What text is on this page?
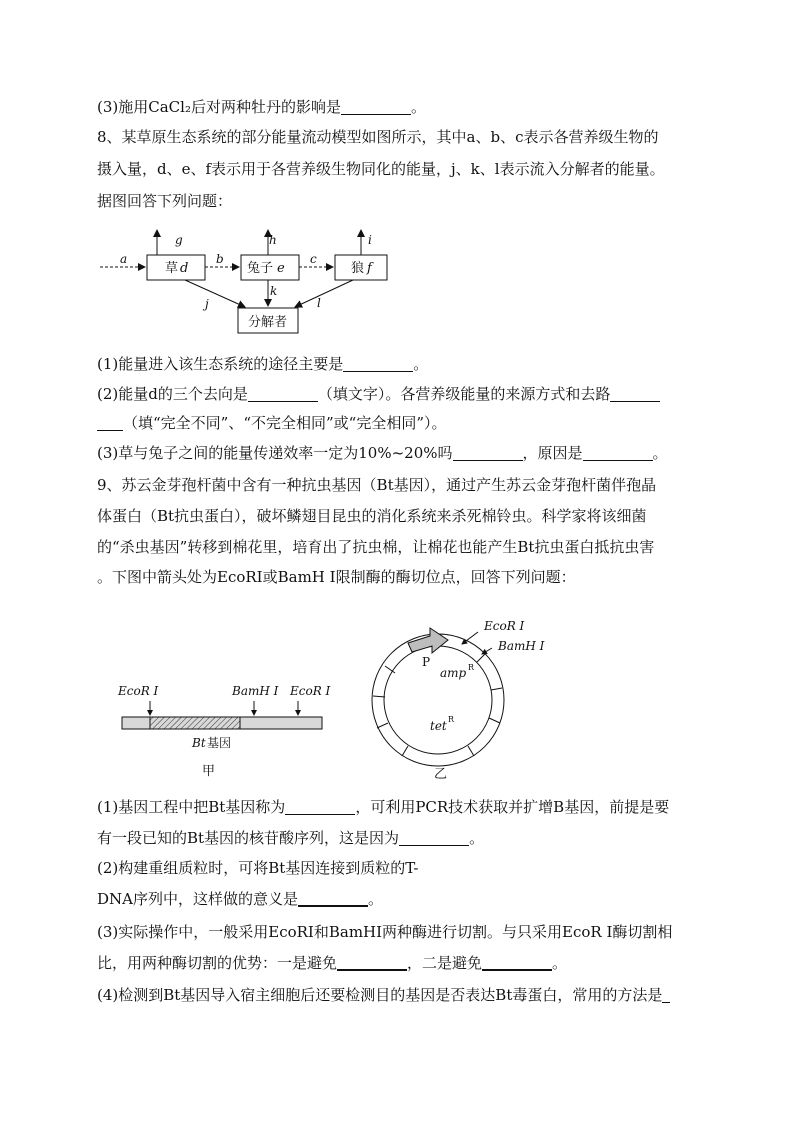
(3)施用CaCl₂后对两种牡丹的影响是	。
8、某草原生态系统的部分能量流动模型如图所示，其中a、b、c表示各营养级生物的
摄入量，d、e、f表示用于各营养级生物同化的能量，j、k、l表示流入分解者的能量。
据图回答下列问题：
草 d	兔子 e	狼 f
分解者
a	b	c
g	h	i
j
k
l
(1)能量进入该生态系统的途径主要是	。
(2)能量d的三个去向是	（填文字）。各营养级能量的来源方式和去路
（填“完全不同”、“不完全相同”或“完全相同”）。
(3)草与兔子之间的能量传递效率一定为10%~20%吗	，原因是	。
9、苏云金芽孢杆菌中含有一种抗虫基因（Bt基因），通过产生苏云金芽孢杆菌伴孢晶
体蛋白（Bt抗虫蛋白），破坏鳞翅目昆虫的消化系统来杀死棉铃虫。科学家将该细菌
的“杀虫基因”转移到棉花里，培育出了抗虫棉，让棉花也能产生Bt抗虫蛋白抵抗虫害
。下图中箭头处为EcoRI或BamH Ⅰ限制酶的酶切位点，回答下列问题：
EcoR Ⅰ	BamH Ⅰ EcoR Ⅰ
Bt 基因
甲
EcoR Ⅰ
BamH Ⅰ
amp
tet
R
R
P
乙
(1)基因工程中把Bt基因称为	，可利用PCR技术获取并扩增B基因，前提是要
有一段已知的Bt基因的核苷酸序列，这是因为	。
(2)构建重组质粒时，可将Bt基因连接到质粒的T-
DNA序列中，这样做的意义是	。
(3)实际操作中，一般采用EcoRI和BamHI两种酶进行切割。与只采用EcoR Ⅰ酶切割相
比，用两种酶切割的优势：一是避免	，二是避免	。
(4)检测到Bt基因导入宿主细胞后还要检测目的基因是否表达Bt毒蛋白，常用的方法是
